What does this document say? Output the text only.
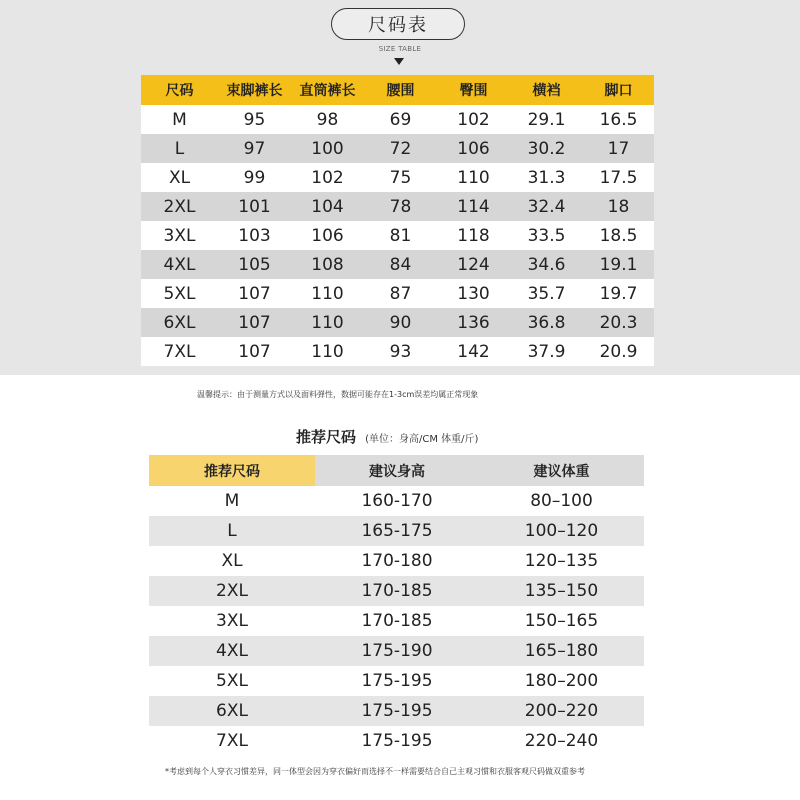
尺码表
SIZE TABLE
尺码	束脚裤长	直筒裤长	腰围	臀围	横裆	脚口
M	95	98	69	102	29.1	16.5
L	97	100	72	106	30.2	17
XL	99	102	75	110	31.3	17.5
2XL	101	104	78	114	32.4	18
3XL	103	106	81	118	33.5	18.5
4XL	105	108	84	124	34.6	19.1
5XL	107	110	87	130	35.7	19.7
6XL	107	110	90	136	36.8	20.3
7XL	107	110	93	142	37.9	20.9
温馨提示：由于测量方式以及面料弹性，数据可能存在1-3cm误差均属正常现象
推荐尺码 (单位：身高/CM 体重/斤)
推荐尺码	建议身高	建议体重
M	160-170	80–100
L	165-175	100–120
XL	170-180	120–135
2XL	170-185	135–150
3XL	170-185	150–165
4XL	175-190	165–180
5XL	175-195	180–200
6XL	175-195	200–220
7XL	175-195	220–240
*考虑到每个人穿衣习惯差异，同一体型会因为穿衣偏好而选择不一样需要结合自己主观习惯和衣服客观尺码做双重参考
